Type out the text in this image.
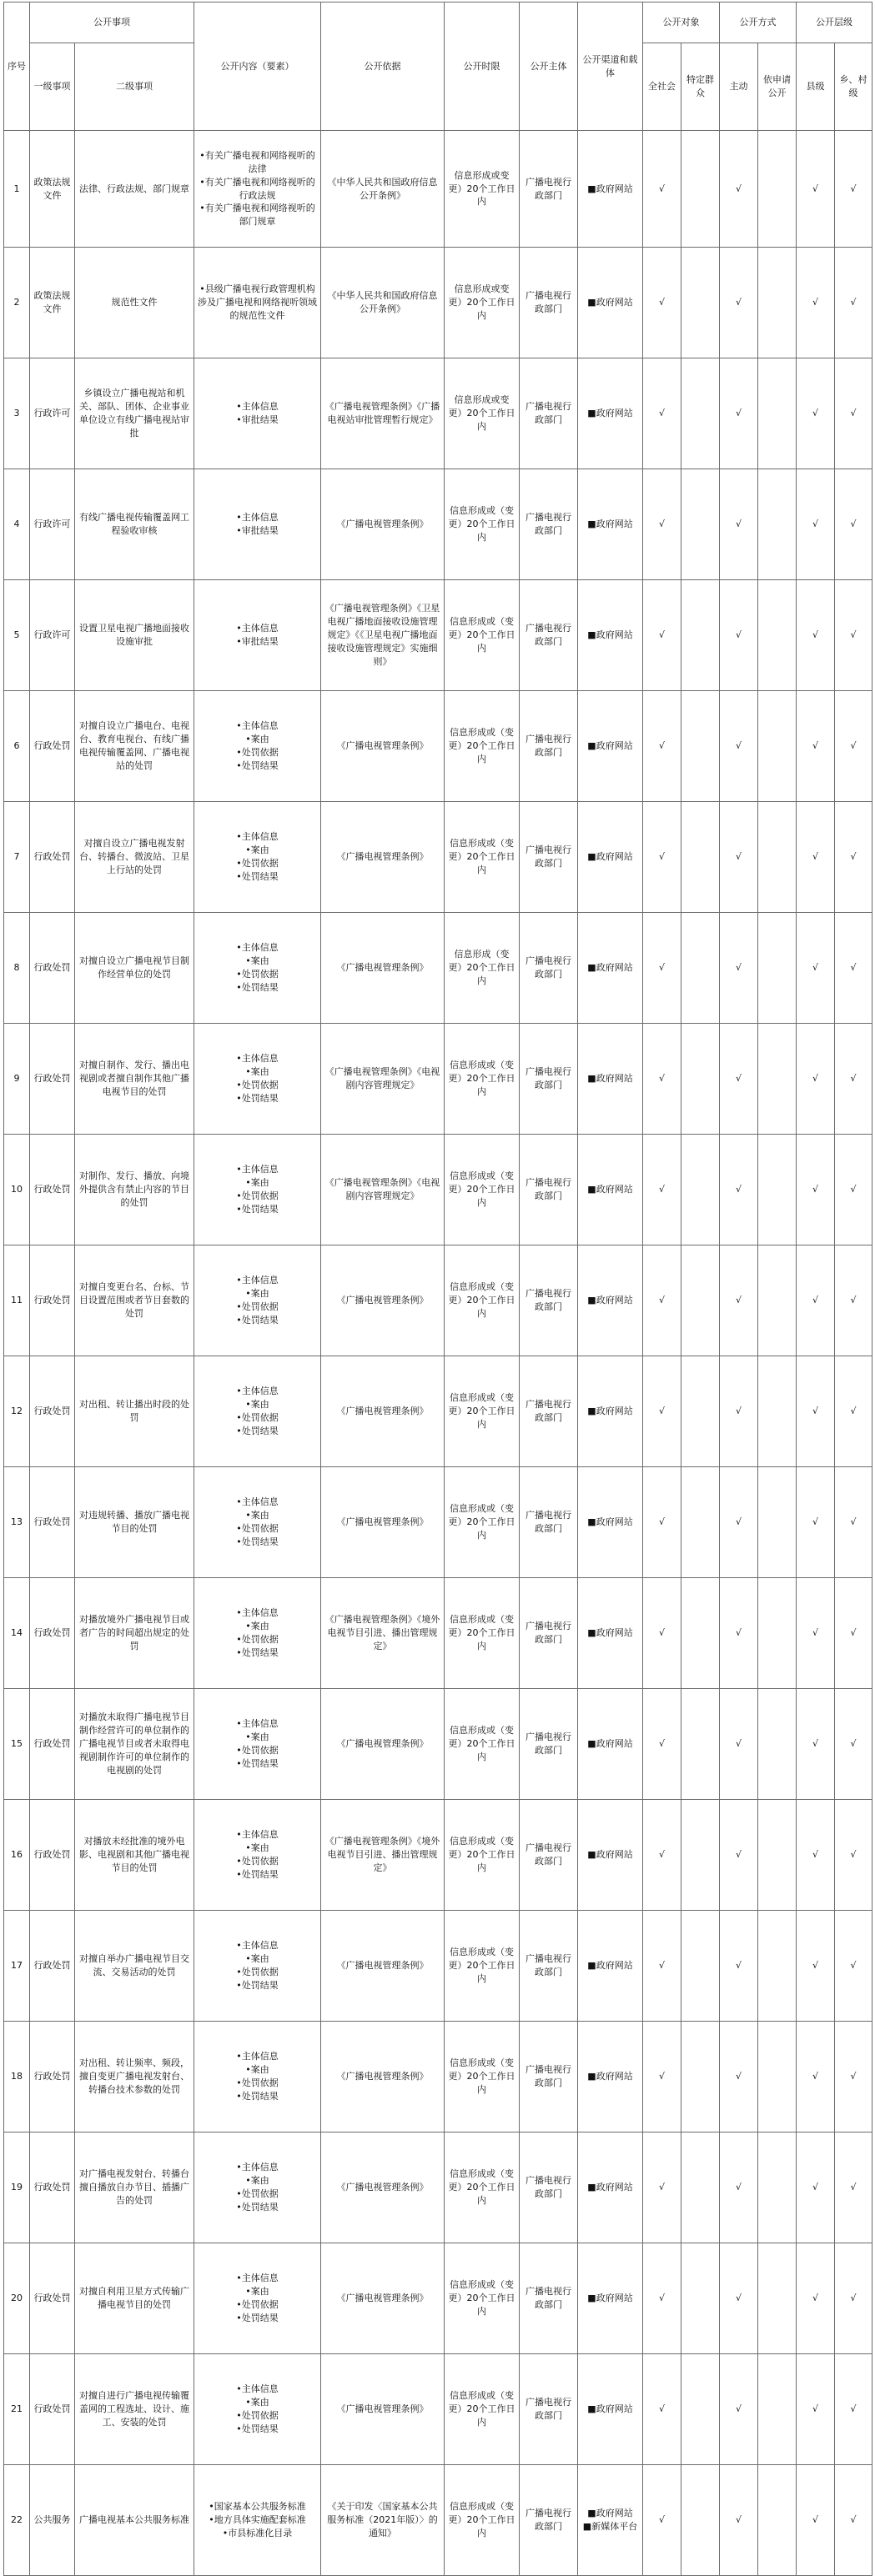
序号	公开事项		公开内容（要素）	公开依据	公开时限	公开主体	公开渠道和载体	公开对象		公开方式		公开层级	
	一级事项	二级事项						全社会	特定群众	主动	依申请公开	县级	乡、村级
1	政策法规文件	法律、行政法规、部门规章	•有关广播电视和网络视听的法律
•有关广播电视和网络视听的行政法规
•有关广播电视和网络视听的部门规章	《中华人民共和国政府信息公开条例》	信息形成或变更）20个工作日内	广播电视行政部门	■政府网站	√		√		√	√
2	政策法规文件	规范性文件	•县级广播电视行政管理机构涉及广播电视和网络视听领域的规范性文件	《中华人民共和国政府信息公开条例》	信息形成或变更）20个工作日内	广播电视行政部门	■政府网站	√		√		√	√
3	行政许可	乡镇设立广播电视站和机关、部队、团体、企业事业单位设立有线广播电视站审批	•主体信息
•审批结果	《广播电视管理条例》《广播电视站审批管理暂行规定》	信息形成或变更）20个工作日内	广播电视行政部门	■政府网站	√		√		√	√
4	行政许可	有线广播电视传输覆盖网工程验收审核	•主体信息
•审批结果	《广播电视管理条例》	信息形成或（变更）20个工作日内	广播电视行政部门	■政府网站	√		√		√	√
5	行政许可	设置卫星电视广播地面接收设施审批	•主体信息
•审批结果	《广播电视管理条例》《卫星电视广播地面接收设施管理规定》《《卫星电视广播地面接收设施管理规定》实施细则》	信息形成或（变更）20个工作日内	广播电视行政部门	■政府网站	√		√		√	√
6	行政处罚	对擅自设立广播电台、电视台、教育电视台、有线广播电视传输覆盖网、广播电视站的处罚	•主体信息
•案由
•处罚依据
•处罚结果	《广播电视管理条例》	信息形成或（变更）20个工作日内	广播电视行政部门	■政府网站	√		√		√	√
7	行政处罚	对擅自设立广播电视发射台、转播台、微波站、卫星上行站的处罚	•主体信息
•案由
•处罚依据
•处罚结果	《广播电视管理条例》	信息形成或（变更）20个工作日内	广播电视行政部门	■政府网站	√		√		√	√
8	行政处罚	对擅自设立广播电视节目制作经营单位的处罚	•主体信息
•案由
•处罚依据
•处罚结果	《广播电视管理条例》	信息形成（变更）20个工作日内	广播电视行政部门	■政府网站	√		√		√	√
9	行政处罚	对擅自制作、发行、播出电视剧或者擅自制作其他广播电视节目的处罚	•主体信息
•案由
•处罚依据
•处罚结果	《广播电视管理条例》《电视剧内容管理规定》	信息形成或（变更）20个工作日内	广播电视行政部门	■政府网站	√		√		√	√
10	行政处罚	对制作、发行、播放、向境外提供含有禁止内容的节目的处罚	•主体信息
•案由
•处罚依据
•处罚结果	《广播电视管理条例》《电视剧内容管理规定》	信息形成或（变更）20个工作日内	广播电视行政部门	■政府网站	√		√		√	√
11	行政处罚	对擅自变更台名、台标、节目设置范围或者节目套数的处罚	•主体信息
•案由
•处罚依据
•处罚结果	《广播电视管理条例》	信息形成或（变更）20个工作日内	广播电视行政部门	■政府网站	√		√		√	√
12	行政处罚	对出租、转让播出时段的处罚	•主体信息
•案由
•处罚依据
•处罚结果	《广播电视管理条例》	信息形成或（变更）20个工作日内	广播电视行政部门	■政府网站	√		√		√	√
13	行政处罚	对违规转播、播放广播电视节目的处罚	•主体信息
•案由
•处罚依据
•处罚结果	《广播电视管理条例》	信息形成或（变更）20个工作日内	广播电视行政部门	■政府网站	√		√		√	√
14	行政处罚	对播放境外广播电视节目或者广告的时间超出规定的处罚	•主体信息
•案由
•处罚依据
•处罚结果	《广播电视管理条例》《境外电视节目引进、播出管理规定》	信息形成或（变更）20个工作日内	广播电视行政部门	■政府网站	√		√		√	√
15	行政处罚	对播放未取得广播电视节目制作经营许可的单位制作的广播电视节目或者未取得电视剧制作许可的单位制作的电视剧的处罚	•主体信息
•案由
•处罚依据
•处罚结果	《广播电视管理条例》	信息形成或（变更）20个工作日内	广播电视行政部门	■政府网站	√		√		√	√
16	行政处罚	对播放未经批准的境外电影、电视剧和其他广播电视节目的处罚	•主体信息
•案由
•处罚依据
•处罚结果	《广播电视管理条例》《境外电视节目引进、播出管理规定》	信息形成或（变更）20个工作日内	广播电视行政部门	■政府网站	√		√		√	√
17	行政处罚	对擅自举办广播电视节目交流、交易活动的处罚	•主体信息
•案由
•处罚依据
•处罚结果	《广播电视管理条例》	信息形成或（变更）20个工作日内	广播电视行政部门	■政府网站	√		√		√	√
18	行政处罚	对出租、转让频率、频段，擅自变更广播电视发射台、转播台技术参数的处罚	•主体信息
•案由
•处罚依据
•处罚结果	《广播电视管理条例》	信息形成或（变更）20个工作日内	广播电视行政部门	■政府网站	√		√		√	√
19	行政处罚	对广播电视发射台、转播台擅自播放自办节目、插播广告的处罚	•主体信息
•案由
•处罚依据
•处罚结果	《广播电视管理条例》	信息形成或（变更）20个工作日内	广播电视行政部门	■政府网站	√		√		√	√
20	行政处罚	对擅自利用卫星方式传输广播电视节目的处罚	•主体信息
•案由
•处罚依据
•处罚结果	《广播电视管理条例》	信息形成或（变更）20个工作日内	广播电视行政部门	■政府网站	√		√		√	√
21	行政处罚	对擅自进行广播电视传输覆盖网的工程选址、设计、施工、安装的处罚	•主体信息
•案由
•处罚依据
•处罚结果	《广播电视管理条例》	信息形成或（变更）20个工作日内	广播电视行政部门	■政府网站	√		√		√	√
22	公共服务	广播电视基本公共服务标准	•国家基本公共服务标准
•地方具体实施配套标准
•市县标准化目录	《关于印发〈国家基本公共服务标准（2021年版）〉的通知》	信息形成或（变更）20个工作日内	广播电视行政部门	■政府网站
■新媒体平台	√		√		√	√
